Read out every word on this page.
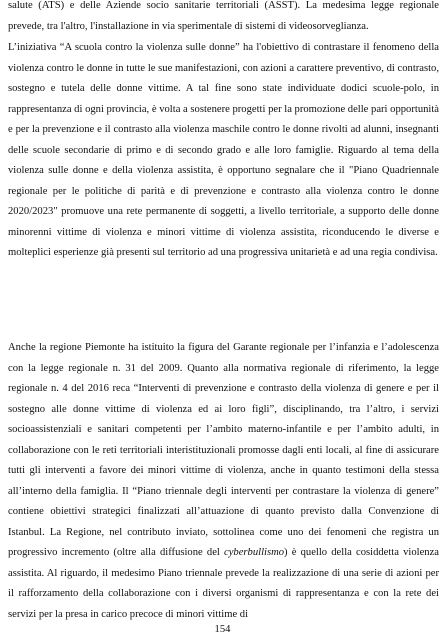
salute (ATS) e delle Aziende socio sanitarie territoriali (ASST). La medesima legge regionale prevede, tra l'altro, l'installazione in via sperimentale di sistemi di videosorveglianza.

L’iniziativa “A scuola contro la violenza sulle donne” ha l'obiettivo di contrastare il fenomeno della violenza contro le donne in tutte le sue manifestazioni, con azioni a carattere preventivo, di contrasto, sostegno e tutela delle donne vittime. A tal fine sono state individuate dodici scuole-polo, in rappresentanza di ogni provincia, è volta a sostenere progetti per la promozione delle pari opportunità e per la prevenzione e il contrasto alla violenza maschile contro le donne rivolti ad alunni, insegnanti delle scuole secondarie di primo e di secondo grado e alle loro famiglie. Riguardo al tema della violenza sulle donne e della violenza assistita, è opportuno segnalare che il "Piano Quadriennale regionale per le politiche di parità e di prevenzione e contrasto alla violenza contro le donne 2020/2023" promuove una rete permanente di soggetti, a livello territoriale, a supporto delle donne minorenni vittime di violenza e minori vittime di violenza assistita, riconducendo le diverse e molteplici esperienze già presenti sul territorio ad una progressiva unitarietà e ad una regia condivisa.

Anche la regione Piemonte ha istituito la figura del Garante regionale per l’infanzia e l’adolescenza con la legge regionale n. 31 del 2009. Quanto alla normativa regionale di riferimento, la legge regionale n. 4 del 2016 reca “Interventi di prevenzione e contrasto della violenza di genere e per il sostegno alle donne vittime di violenza ed ai loro figli”, disciplinando, tra l’altro, i servizi socioassistenziali e sanitari competenti per l’ambito materno-infantile e per l’ambito adulti, in collaborazione con le reti territoriali interistituzionali promosse dagli enti locali, al fine di assicurare tutti gli interventi a favore dei minori vittime di violenza, anche in quanto testimoni della stessa all’interno della famiglia. Il “Piano triennale degli interventi per contrastare la violenza di genere” contiene obiettivi strategici finalizzati all’attuazione di quanto previsto dalla Convenzione di Istanbul. La Regione, nel contributo inviato, sottolinea come uno dei fenomeni che registra un progressivo incremento (oltre alla diffusione del cyberbullismo) è quello della cosiddetta violenza assistita. Al riguardo, il medesimo Piano triennale prevede la realizzazione di una serie di azioni per il rafforzamento della collaborazione con i diversi organismi di rappresentanza e con la rete dei servizi per la presa in carico precoce di minori vittime di

154
